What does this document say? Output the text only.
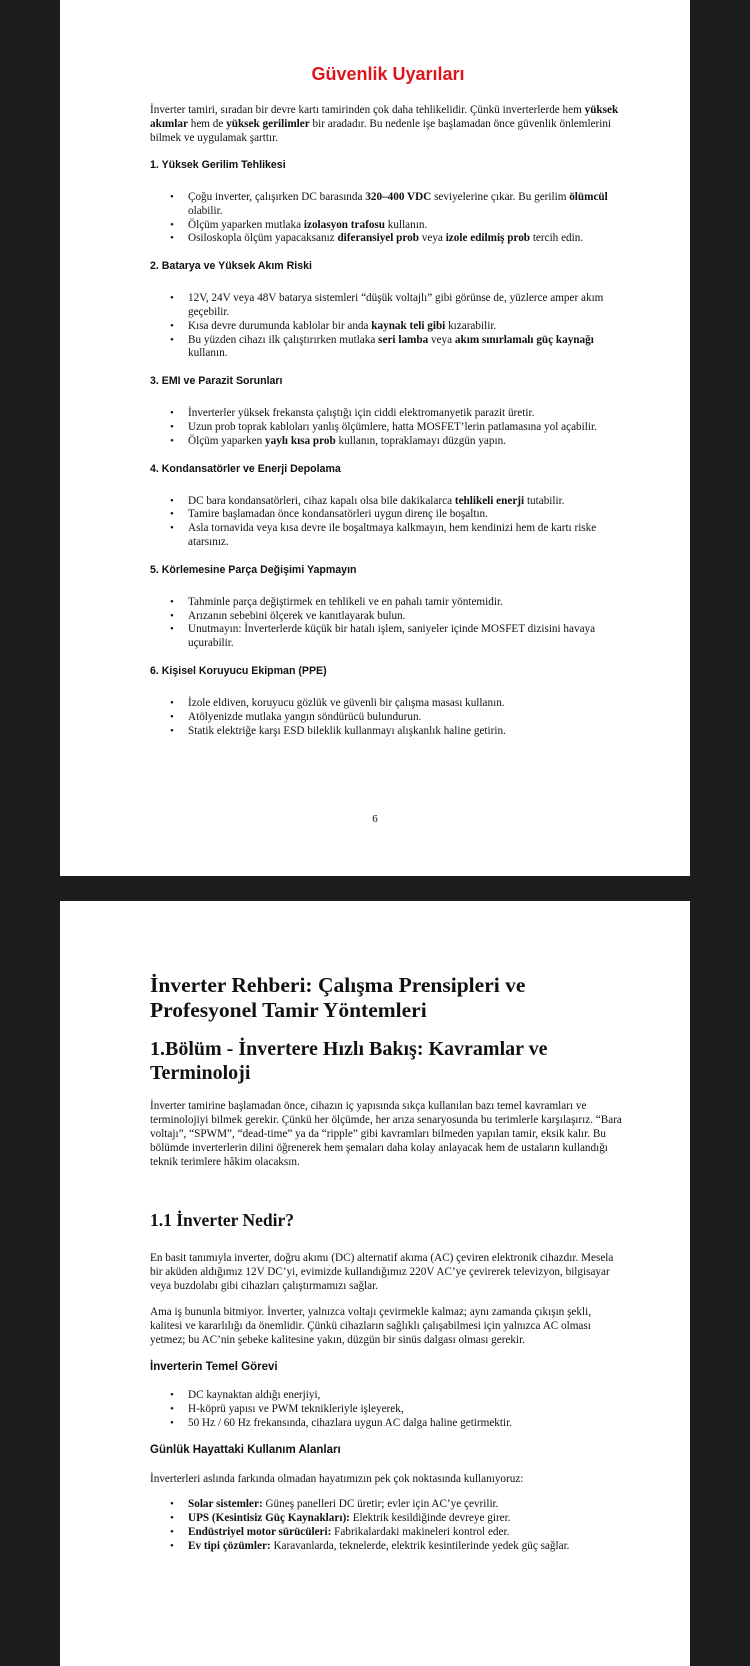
Güvenlik Uyarıları

İnverter tamiri, sıradan bir devre kartı tamirinden çok daha tehlikelidir. Çünkü inverterlerde hem yüksek akımlar hem de yüksek gerilimler bir aradadır. Bu nedenle işe başlamadan önce güvenlik önlemlerini bilmek ve uygulamak şarttır.

1. Yüksek Gerilim Tehlikesi
• Çoğu inverter, çalışırken DC barasında 320–400 VDC seviyelerine çıkar. Bu gerilim ölümcül olabilir.
• Ölçüm yaparken mutlaka izolasyon trafosu kullanın.
• Osiloskopla ölçüm yapacaksanız diferansiyel prob veya izole edilmiş prob tercih edin.
2. Batarya ve Yüksek Akım Riski
• 12V, 24V veya 48V batarya sistemleri “düşük voltajlı” gibi görünse de, yüzlerce amper akım geçebilir.
• Kısa devre durumunda kablolar bir anda kaynak teli gibi kızarabilir.
• Bu yüzden cihazı ilk çalıştırırken mutlaka seri lamba veya akım sınırlamalı güç kaynağı kullanın.
3. EMI ve Parazit Sorunları
• İnverterler yüksek frekansta çalıştığı için ciddi elektromanyetik parazit üretir.
• Uzun prob toprak kabloları yanlış ölçümlere, hatta MOSFET’lerin patlamasına yol açabilir.
• Ölçüm yaparken yaylı kısa prob kullanın, topraklamayı düzgün yapın.
4. Kondansatörler ve Enerji Depolama
• DC bara kondansatörleri, cihaz kapalı olsa bile dakikalarca tehlikeli enerji tutabilir.
• Tamire başlamadan önce kondansatörleri uygun direnç ile boşaltın.
• Asla tornavida veya kısa devre ile boşaltmaya kalkmayın, hem kendinizi hem de kartı riske atarsınız.
5. Körlemesine Parça Değişimi Yapmayın
• Tahminle parça değiştirmek en tehlikeli ve en pahalı tamir yöntemidir.
• Arızanın sebebini ölçerek ve kanıtlayarak bulun.
• Unutmayın: İnverterlerde küçük bir hatalı işlem, saniyeler içinde MOSFET dizisini havaya uçurabilir.
6. Kişisel Koruyucu Ekipman (PPE)
• İzole eldiven, koruyucu gözlük ve güvenli bir çalışma masası kullanın.
• Atölyenizde mutlaka yangın söndürücü bulundurun.
• Statik elektriğe karşı ESD bileklik kullanmayı alışkanlık haline getirin.
6
İnverter Rehberi: Çalışma Prensipleri ve Profesyonel Tamir Yöntemleri
1.Bölüm - İnvertere Hızlı Bakış: Kavramlar ve Terminoloji

İnverter tamirine başlamadan önce, cihazın iç yapısında sıkça kullanılan bazı temel kavramları ve terminolojiyi bilmek gerekir. Çünkü her ölçümde, her arıza senaryosunda bu terimlerle karşılaşırız. “Bara voltajı”, “SPWM”, “dead-time” ya da “ripple” gibi kavramları bilmeden yapılan tamir, eksik kalır. Bu bölümde inverterlerin dilini öğrenerek hem şemaları daha kolay anlayacak hem de ustaların kullandığı teknik terimlere hâkim olacaksın.

1.1 İnverter Nedir?

En basit tanımıyla inverter, doğru akımı (DC) alternatif akıma (AC) çeviren elektronik cihazdır. Mesela bir aküden aldığımız 12V DC’yi, evimizde kullandığımız 220V AC’ye çevirerek televizyon, bilgisayar veya buzdolabı gibi cihazları çalıştırmamızı sağlar.

Ama iş bununla bitmiyor. İnverter, yalnızca voltajı çevirmekle kalmaz; aynı zamanda çıkışın şekli, kalitesi ve kararlılığı da önemlidir. Çünkü cihazların sağlıklı çalışabilmesi için yalnızca AC olması yetmez; bu AC’nin şebeke kalitesine yakın, düzgün bir sinüs dalgası olması gerekir.

İnverterin Temel Görevi
• DC kaynaktan aldığı enerjiyi,
• H-köprü yapısı ve PWM teknikleriyle işleyerek,
• 50 Hz / 60 Hz frekansında, cihazlara uygun AC dalga haline getirmektir.
Günlük Hayattaki Kullanım Alanları

İnverterleri aslında farkında olmadan hayatımızın pek çok noktasında kullanıyoruz:

• Solar sistemler: Güneş panelleri DC üretir; evler için AC’ye çevrilir.
• UPS (Kesintisiz Güç Kaynakları): Elektrik kesildiğinde devreye girer.
• Endüstriyel motor sürücüleri: Fabrikalardaki makineleri kontrol eder.
• Ev tipi çözümler: Karavanlarda, teknelerde, elektrik kesintilerinde yedek güç sağlar.
